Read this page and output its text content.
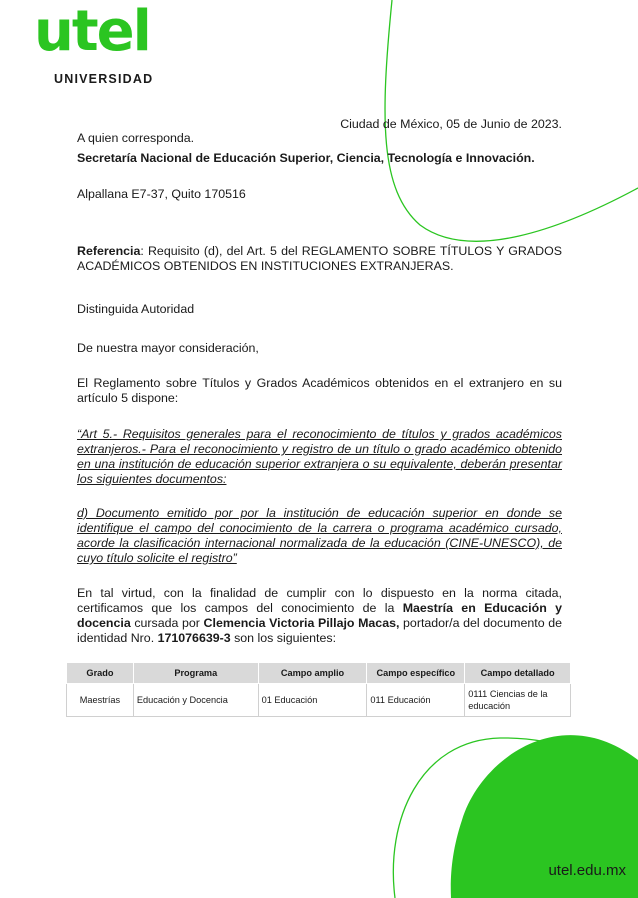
utel
UNIVERSIDAD
Ciudad de México, 05 de Junio de 2023.
A quien corresponda.
Secretaría Nacional de Educación Superior, Ciencia, Tecnología e Innovación.
Alpallana E7-37, Quito 170516
Referencia: Requisito (d), del Art. 5 del REGLAMENTO SOBRE TÍTULOS Y GRADOS ACADÉMICOS OBTENIDOS EN INSTITUCIONES EXTRANJERAS.
Distinguida Autoridad
De nuestra mayor consideración,
El Reglamento sobre Títulos y Grados Académicos obtenidos en el extranjero en su artículo 5 dispone:
“Art 5.- Requisitos generales para el reconocimiento de títulos y grados académicos extranjeros.- Para el reconocimiento y registro de un título o grado académico obtenido en una institución de educación superior extranjera o su equivalente, deberán presentar los siguientes documentos:
d) Documento emitido por por la institución de educación superior en donde se identifique el campo del conocimiento de la carrera o programa académico cursado, acorde la clasificación internacional normalizada de la educación (CINE-UNESCO), de cuyo título solicite el registro”
En tal virtud, con la finalidad de cumplir con lo dispuesto en la norma citada, certificamos que los campos del conocimiento de la Maestría en Educación y docencia cursada por Clemencia Victoria Pillajo Macas, portador/a del documento de identidad Nro. 171076639-3 son los siguientes:
Grado	Programa	Campo amplio	Campo específico	Campo detallado
Maestrías	Educación y Docencia	01 Educación	011 Educación	0111 Ciencias de la educación
utel.edu.mx
